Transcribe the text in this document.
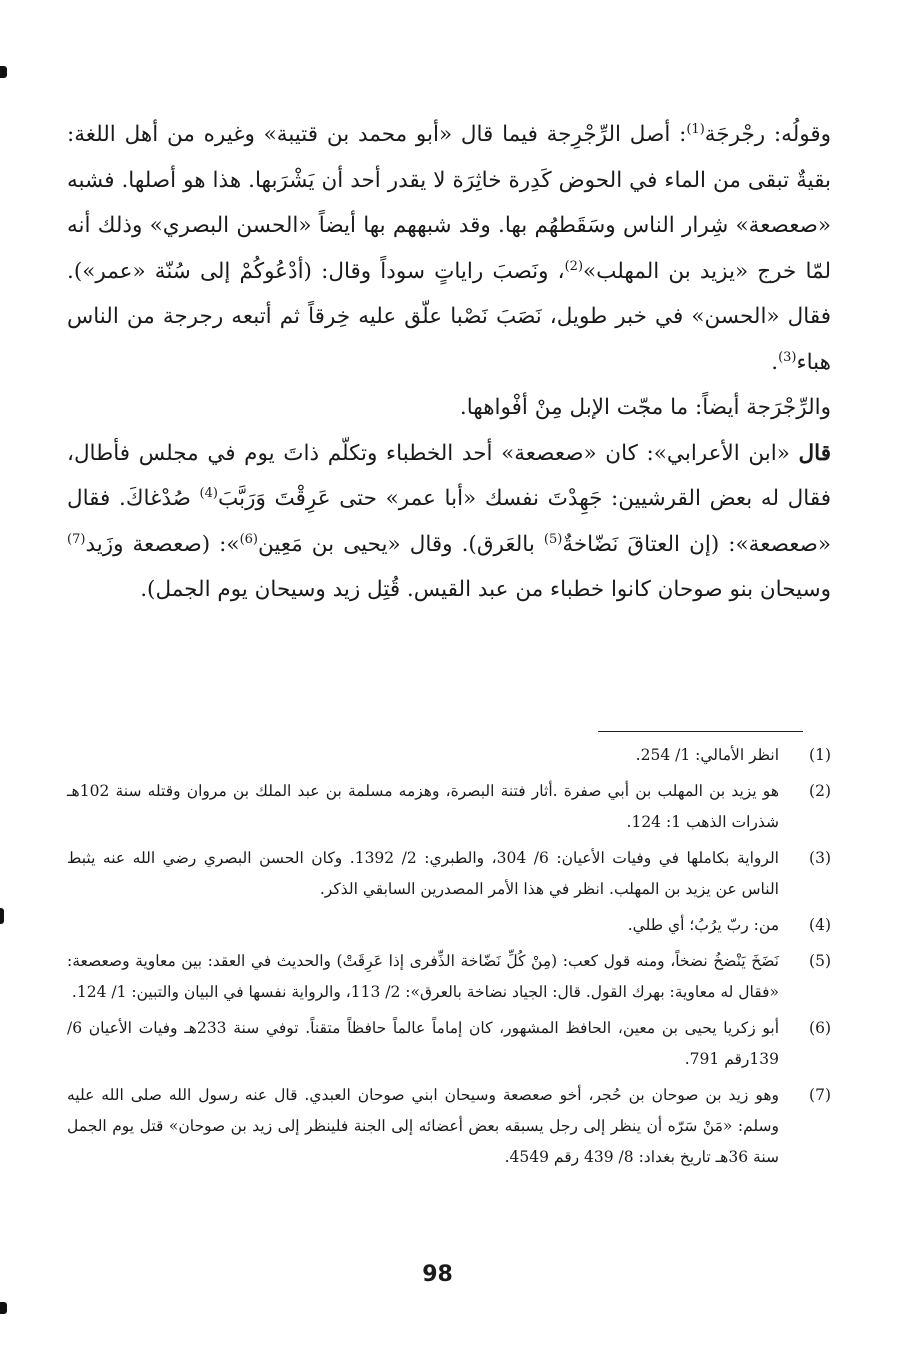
وقولُه: رجْرجَة$^{(1)}$: أصل الرِّجْرِجة فيما قال «أبو محمد بن قتيبة» وغيره من أهل اللغة: بقيةٌ تبقى من الماء في الحوض كَدِرة خاثِرَة لا يقدر أحد أن يَشْرَبها. هذا هو أصلها. فشبه «صعصعة» شِرار الناس وسَقَطهُم بها. وقد شبههم بها أيضاً «الحسن البصري» وذلك أنه لمّا خرج «يزيد بن المهلب»$^{(2)}$، ونَصبَ راياتٍ سوداً وقال: (أدْعُوكُمْ إلى سُنّة «عمر»). فقال «الحسن» في خبر طويل، نَصَبَ نَصْبا علّق عليه خِرقاً ثم أتبعه رجرجة من الناس هباء$^{(3)}$.

والرِّجْرَجة أيضاً: ما مجّت الإبل مِنْ أفْواهها.

قال «ابن الأعرابي»: كان «صعصعة» أحد الخطباء وتكلّم ذاتَ يوم في مجلس فأطال، فقال له بعض القرشيين: جَهِدْتَ نفسك «أبا عمر» حتى عَرِقْتَ وَرَبَّبَ$^{(4)}$ صُدْغاكَ. فقال «صعصعة»: (إن العتاقَ نَضّاخةٌ$^{(5)}$ بالعَرق). وقال «يحيى بن مَعِين$^{(6)}$»: (صعصعة وزَيد$^{(7)}$ وسيحان بنو صوحان كانوا خطباء من عبد القيس. قُتِل زيد وسيحان يوم الجمل).

(1)
انظر الأمالي: 1/ 254.
(2)
هو يزيد بن المهلب بن أبي صفرة .أثار فتنة البصرة، وهزمه مسلمة بن عبد الملك بن مروان وقتله سنة 102هـ شذرات الذهب 1: 124.
(3)
الرواية بكاملها في وفيات الأعيان: 6/ 304، والطبري: 2/ 1392. وكان الحسن البصري رضي الله عنه يثبط الناس عن يزيد بن المهلب. انظر في هذا الأمر المصدرين السابقي الذكر.
(4)
من: ربّ يرُبُ؛ أي طلي.
(5)
نَضَخَ يَنْضخُ نضخاً، ومنه قول كعب: (مِنْ كُلِّ نَضّاخة الذِّفرى إذا عَرِقَتْ) والحديث في العقد: بين معاوية وصعصعة: «فقال له معاوية: بهرك القول. قال: الجياد نضاخة بالعرق»: 2/ 113، والرواية نفسها في البيان والتبين: 1/ 124.
(6)
أبو زكريا يحيى بن معين، الحافظ المشهور، كان إماماً عالماً حافظاً متقناً. توفي سنة 233هـ وفيات الأعيان 6/ 139رقم 791.
(7)
وهو زيد بن صوحان بن حُجر، أخو صعصعة وسيحان ابني صوحان العبدي. قال عنه رسول الله صلى الله عليه وسلم: «مَنْ سَرّه أن ينظر إلى رجل يسبقه بعض أعضائه إلى الجنة فلينظر إلى زيد بن صوحان» قتل يوم الجمل سنة 36هـ تاريخ بغداد: 8/ 439 رقم 4549.
98
